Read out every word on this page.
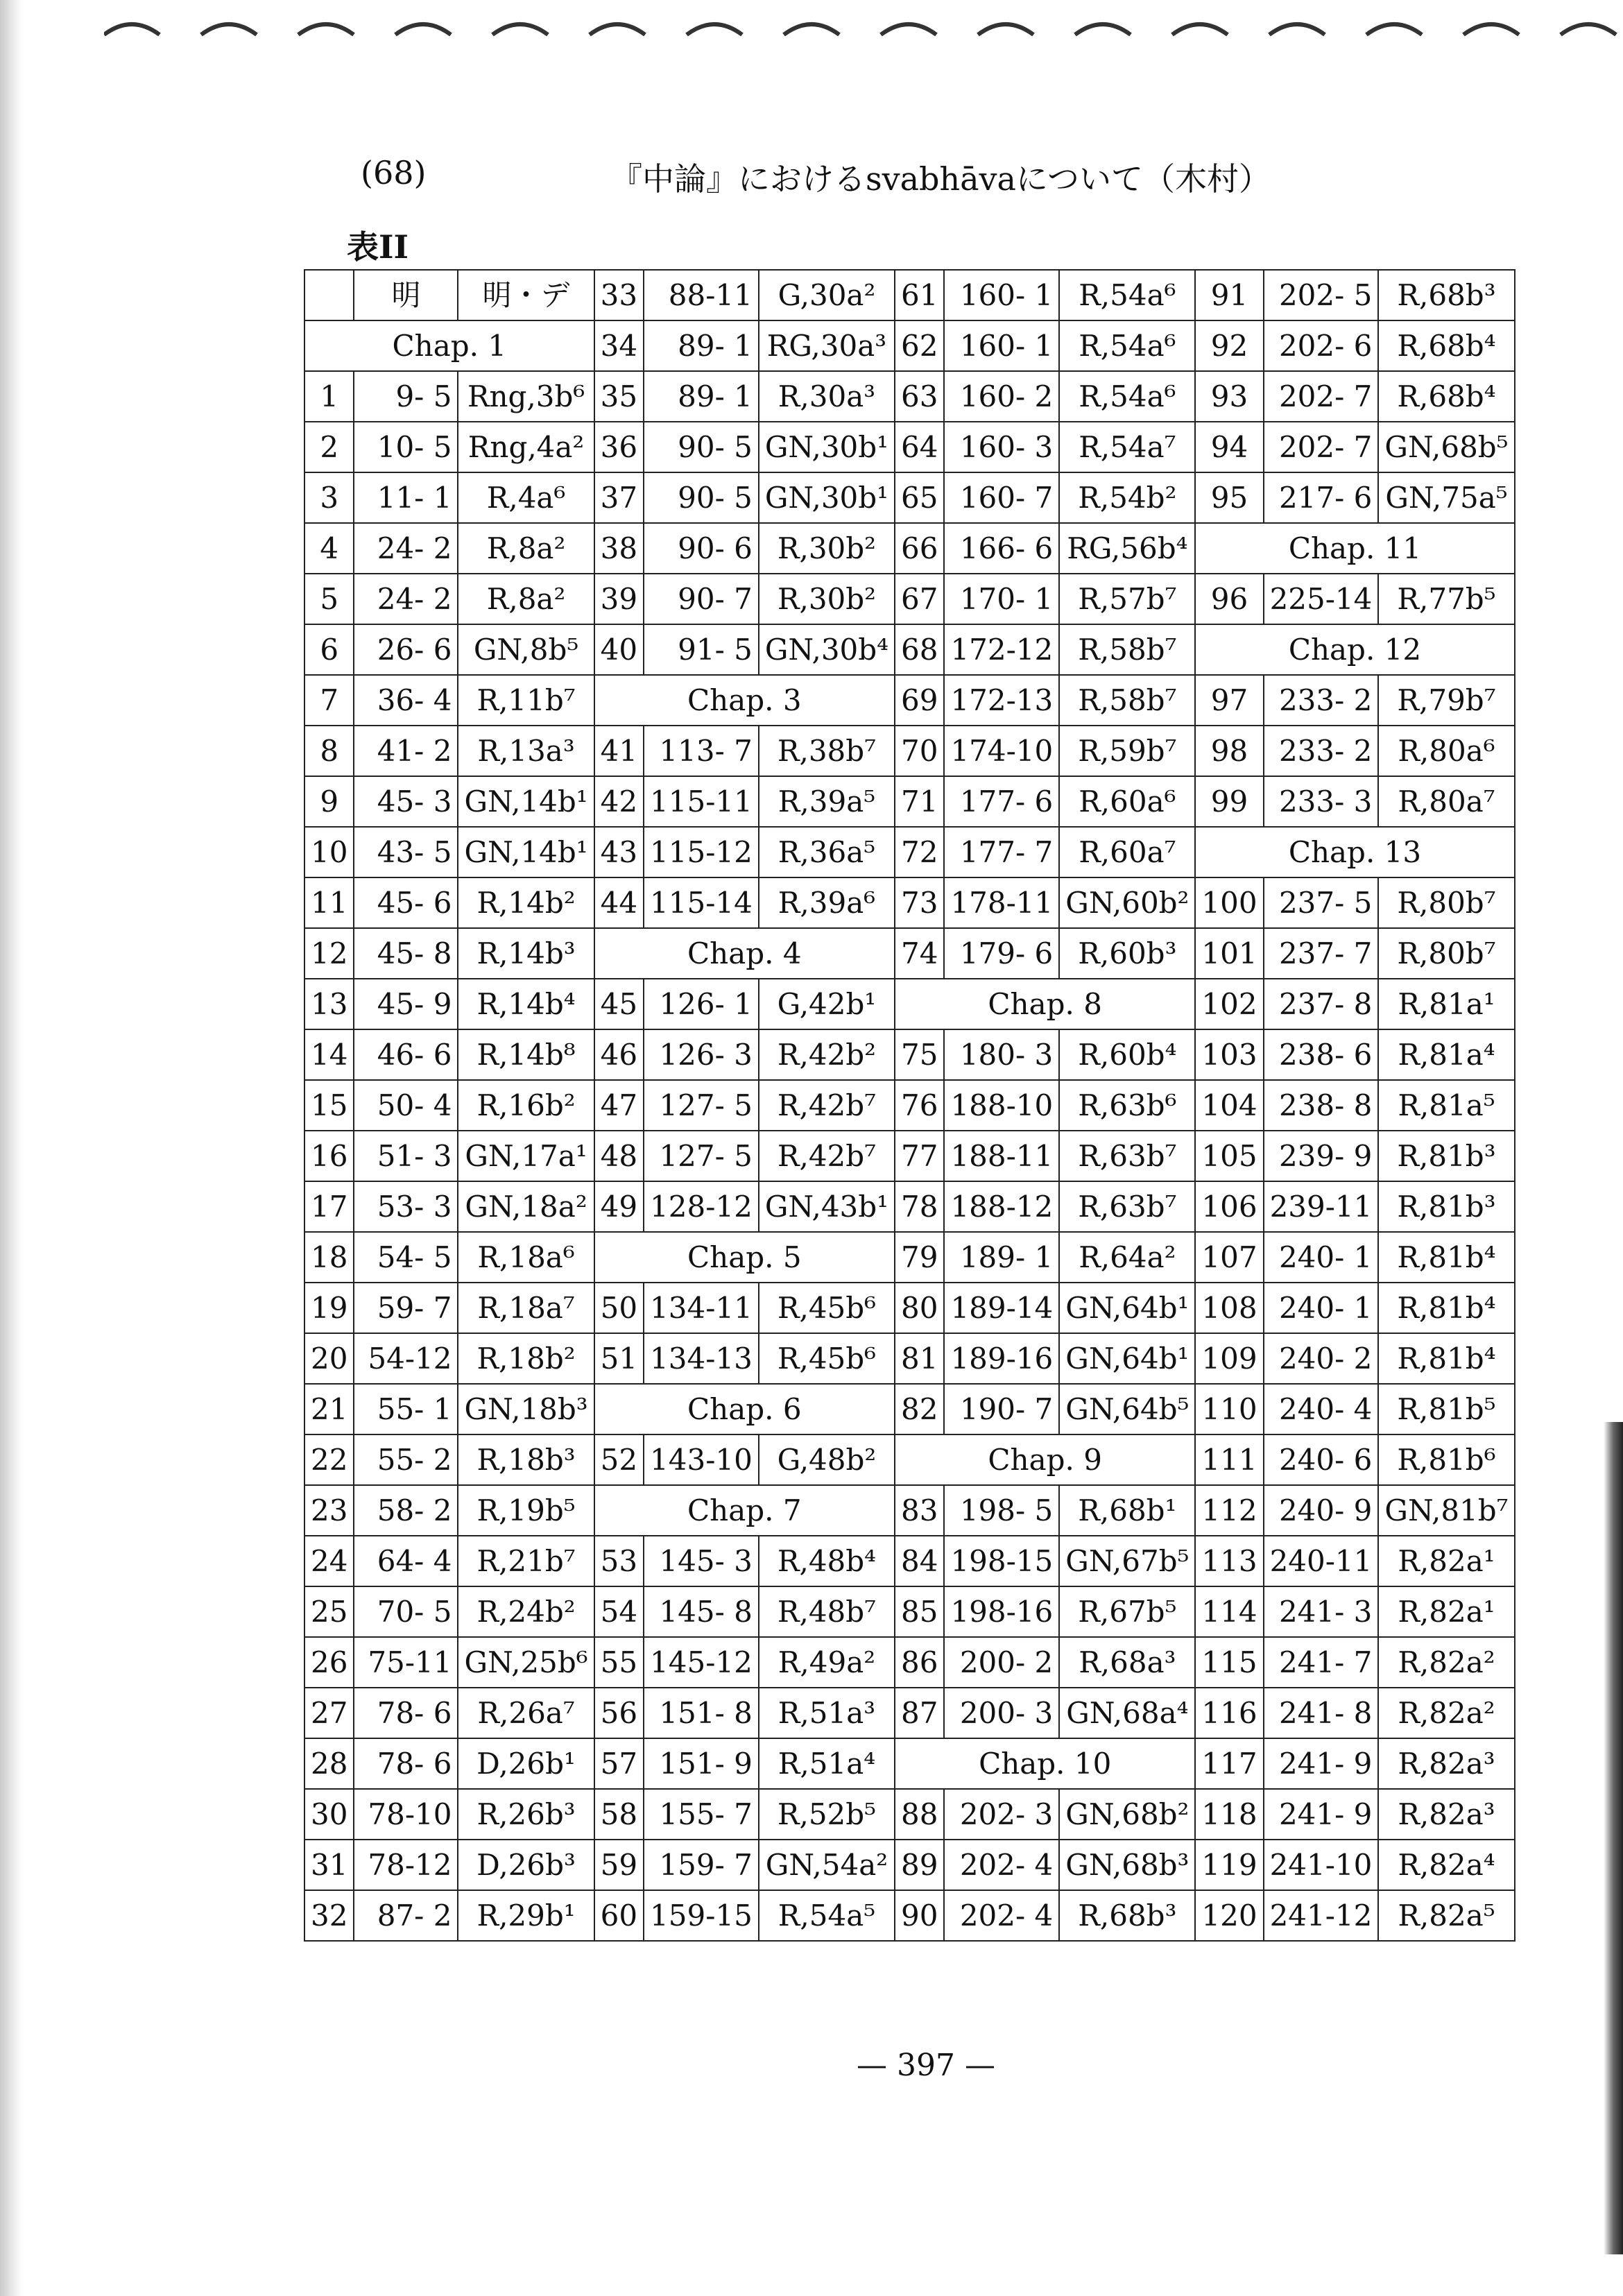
(68)	『中論』におけるsvabhāvaについて（木村）
表II
	明	明・デ	33	88-11	G,30a²	61	160- 1	R,54a⁶	91	202- 5	R,68b³
Chap. 1			34	89- 1	RG,30a³	62	160- 1	R,54a⁶	92	202- 6	R,68b⁴
1	9- 5	Rng,3b⁶	35	89- 1	R,30a³	63	160- 2	R,54a⁶	93	202- 7	R,68b⁴
2	10- 5	Rng,4a²	36	90- 5	GN,30b¹	64	160- 3	R,54a⁷	94	202- 7	GN,68b⁵
3	11- 1	R,4a⁶	37	90- 5	GN,30b¹	65	160- 7	R,54b²	95	217- 6	GN,75a⁵
4	24- 2	R,8a²	38	90- 6	R,30b²	66	166- 6	RG,56b⁴	Chap. 11		
5	24- 2	R,8a²	39	90- 7	R,30b²	67	170- 1	R,57b⁷	96	225-14	R,77b⁵
6	26- 6	GN,8b⁵	40	91- 5	GN,30b⁴	68	172-12	R,58b⁷	Chap. 12		
7	36- 4	R,11b⁷	Chap. 3			69	172-13	R,58b⁷	97	233- 2	R,79b⁷
8	41- 2	R,13a³	41	113- 7	R,38b⁷	70	174-10	R,59b⁷	98	233- 2	R,80a⁶
9	45- 3	GN,14b¹	42	115-11	R,39a⁵	71	177- 6	R,60a⁶	99	233- 3	R,80a⁷
10	43- 5	GN,14b¹	43	115-12	R,36a⁵	72	177- 7	R,60a⁷	Chap. 13		
11	45- 6	R,14b²	44	115-14	R,39a⁶	73	178-11	GN,60b²	100	237- 5	R,80b⁷
12	45- 8	R,14b³	Chap. 4			74	179- 6	R,60b³	101	237- 7	R,80b⁷
13	45- 9	R,14b⁴	45	126- 1	G,42b¹	Chap. 8			102	237- 8	R,81a¹
14	46- 6	R,14b⁸	46	126- 3	R,42b²	75	180- 3	R,60b⁴	103	238- 6	R,81a⁴
15	50- 4	R,16b²	47	127- 5	R,42b⁷	76	188-10	R,63b⁶	104	238- 8	R,81a⁵
16	51- 3	GN,17a¹	48	127- 5	R,42b⁷	77	188-11	R,63b⁷	105	239- 9	R,81b³
17	53- 3	GN,18a²	49	128-12	GN,43b¹	78	188-12	R,63b⁷	106	239-11	R,81b³
18	54- 5	R,18a⁶	Chap. 5			79	189- 1	R,64a²	107	240- 1	R,81b⁴
19	59- 7	R,18a⁷	50	134-11	R,45b⁶	80	189-14	GN,64b¹	108	240- 1	R,81b⁴
20	54-12	R,18b²	51	134-13	R,45b⁶	81	189-16	GN,64b¹	109	240- 2	R,81b⁴
21	55- 1	GN,18b³	Chap. 6			82	190- 7	GN,64b⁵	110	240- 4	R,81b⁵
22	55- 2	R,18b³	52	143-10	G,48b²	Chap. 9			111	240- 6	R,81b⁶
23	58- 2	R,19b⁵	Chap. 7			83	198- 5	R,68b¹	112	240- 9	GN,81b⁷
24	64- 4	R,21b⁷	53	145- 3	R,48b⁴	84	198-15	GN,67b⁵	113	240-11	R,82a¹
25	70- 5	R,24b²	54	145- 8	R,48b⁷	85	198-16	R,67b⁵	114	241- 3	R,82a¹
26	75-11	GN,25b⁶	55	145-12	R,49a²	86	200- 2	R,68a³	115	241- 7	R,82a²
27	78- 6	R,26a⁷	56	151- 8	R,51a³	87	200- 3	GN,68a⁴	116	241- 8	R,82a²
28	78- 6	D,26b¹	57	151- 9	R,51a⁴	Chap. 10			117	241- 9	R,82a³
30	78-10	R,26b³	58	155- 7	R,52b⁵	88	202- 3	GN,68b²	118	241- 9	R,82a³
31	78-12	D,26b³	59	159- 7	GN,54a²	89	202- 4	GN,68b³	119	241-10	R,82a⁴
32	87- 2	R,29b¹	60	159-15	R,54a⁵	90	202- 4	R,68b³	120	241-12	R,82a⁵
— 397 —
